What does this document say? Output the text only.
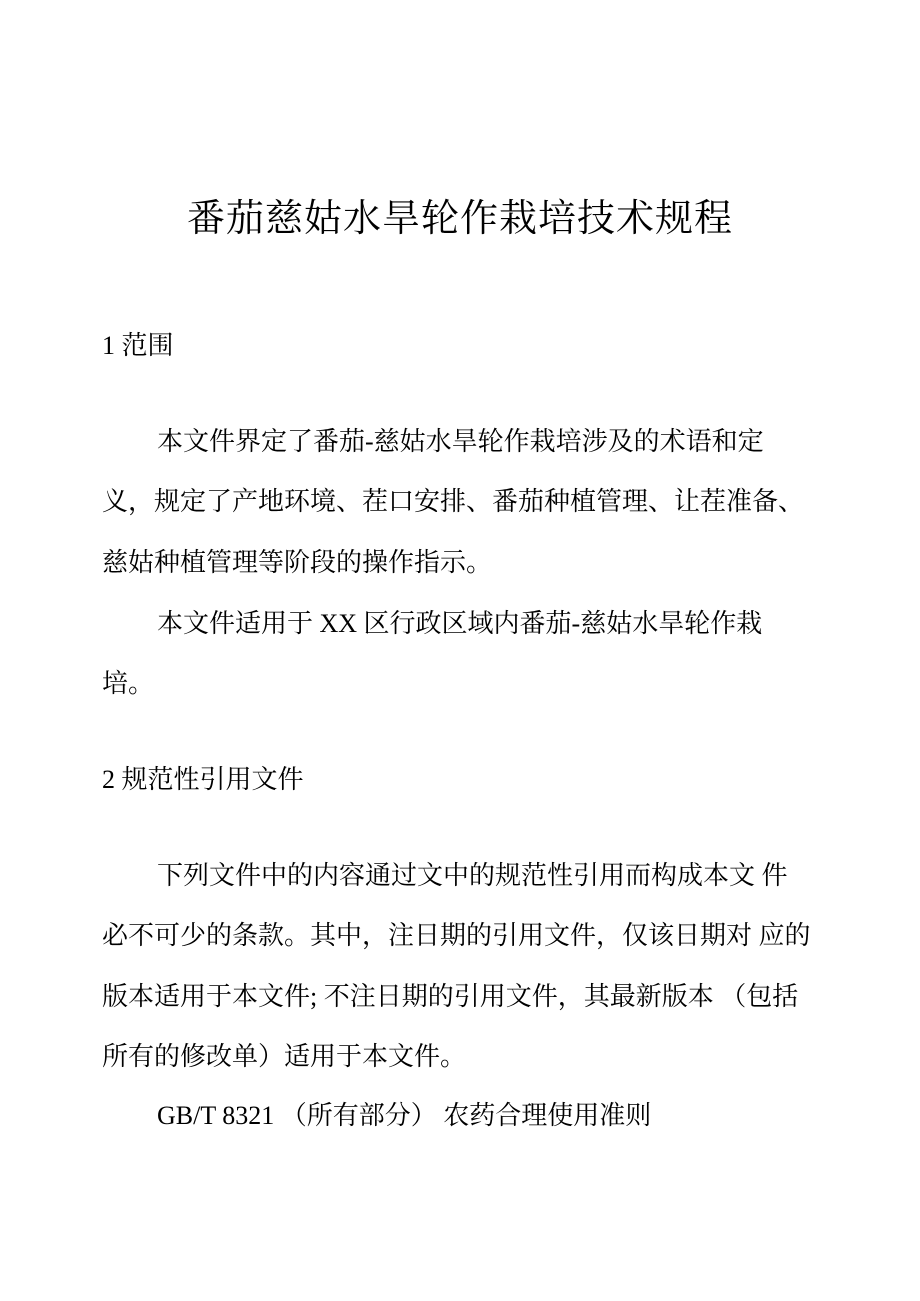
番茄慈姑水旱轮作栽培技术规程
1 范围

本文件界定了番茄-慈姑水旱轮作栽培涉及的术语和定

义，规定了产地环境、茬口安排、番茄种植管理、让茬准备、

慈姑种植管理等阶段的操作指示。

本文件适用于 XX 区行政区域内番茄-慈姑水旱轮作栽

培。

2 规范性引用文件

下列文件中的内容通过文中的规范性引用而构成本文 件

必不可少的条款。其中，注日期的引用文件，仅该日期对 应的

版本适用于本文件; 不注日期的引用文件，其最新版本 （包括

所有的修改单）适用于本文件。

GB/T 8321 （所有部分） 农药合理使用准则
